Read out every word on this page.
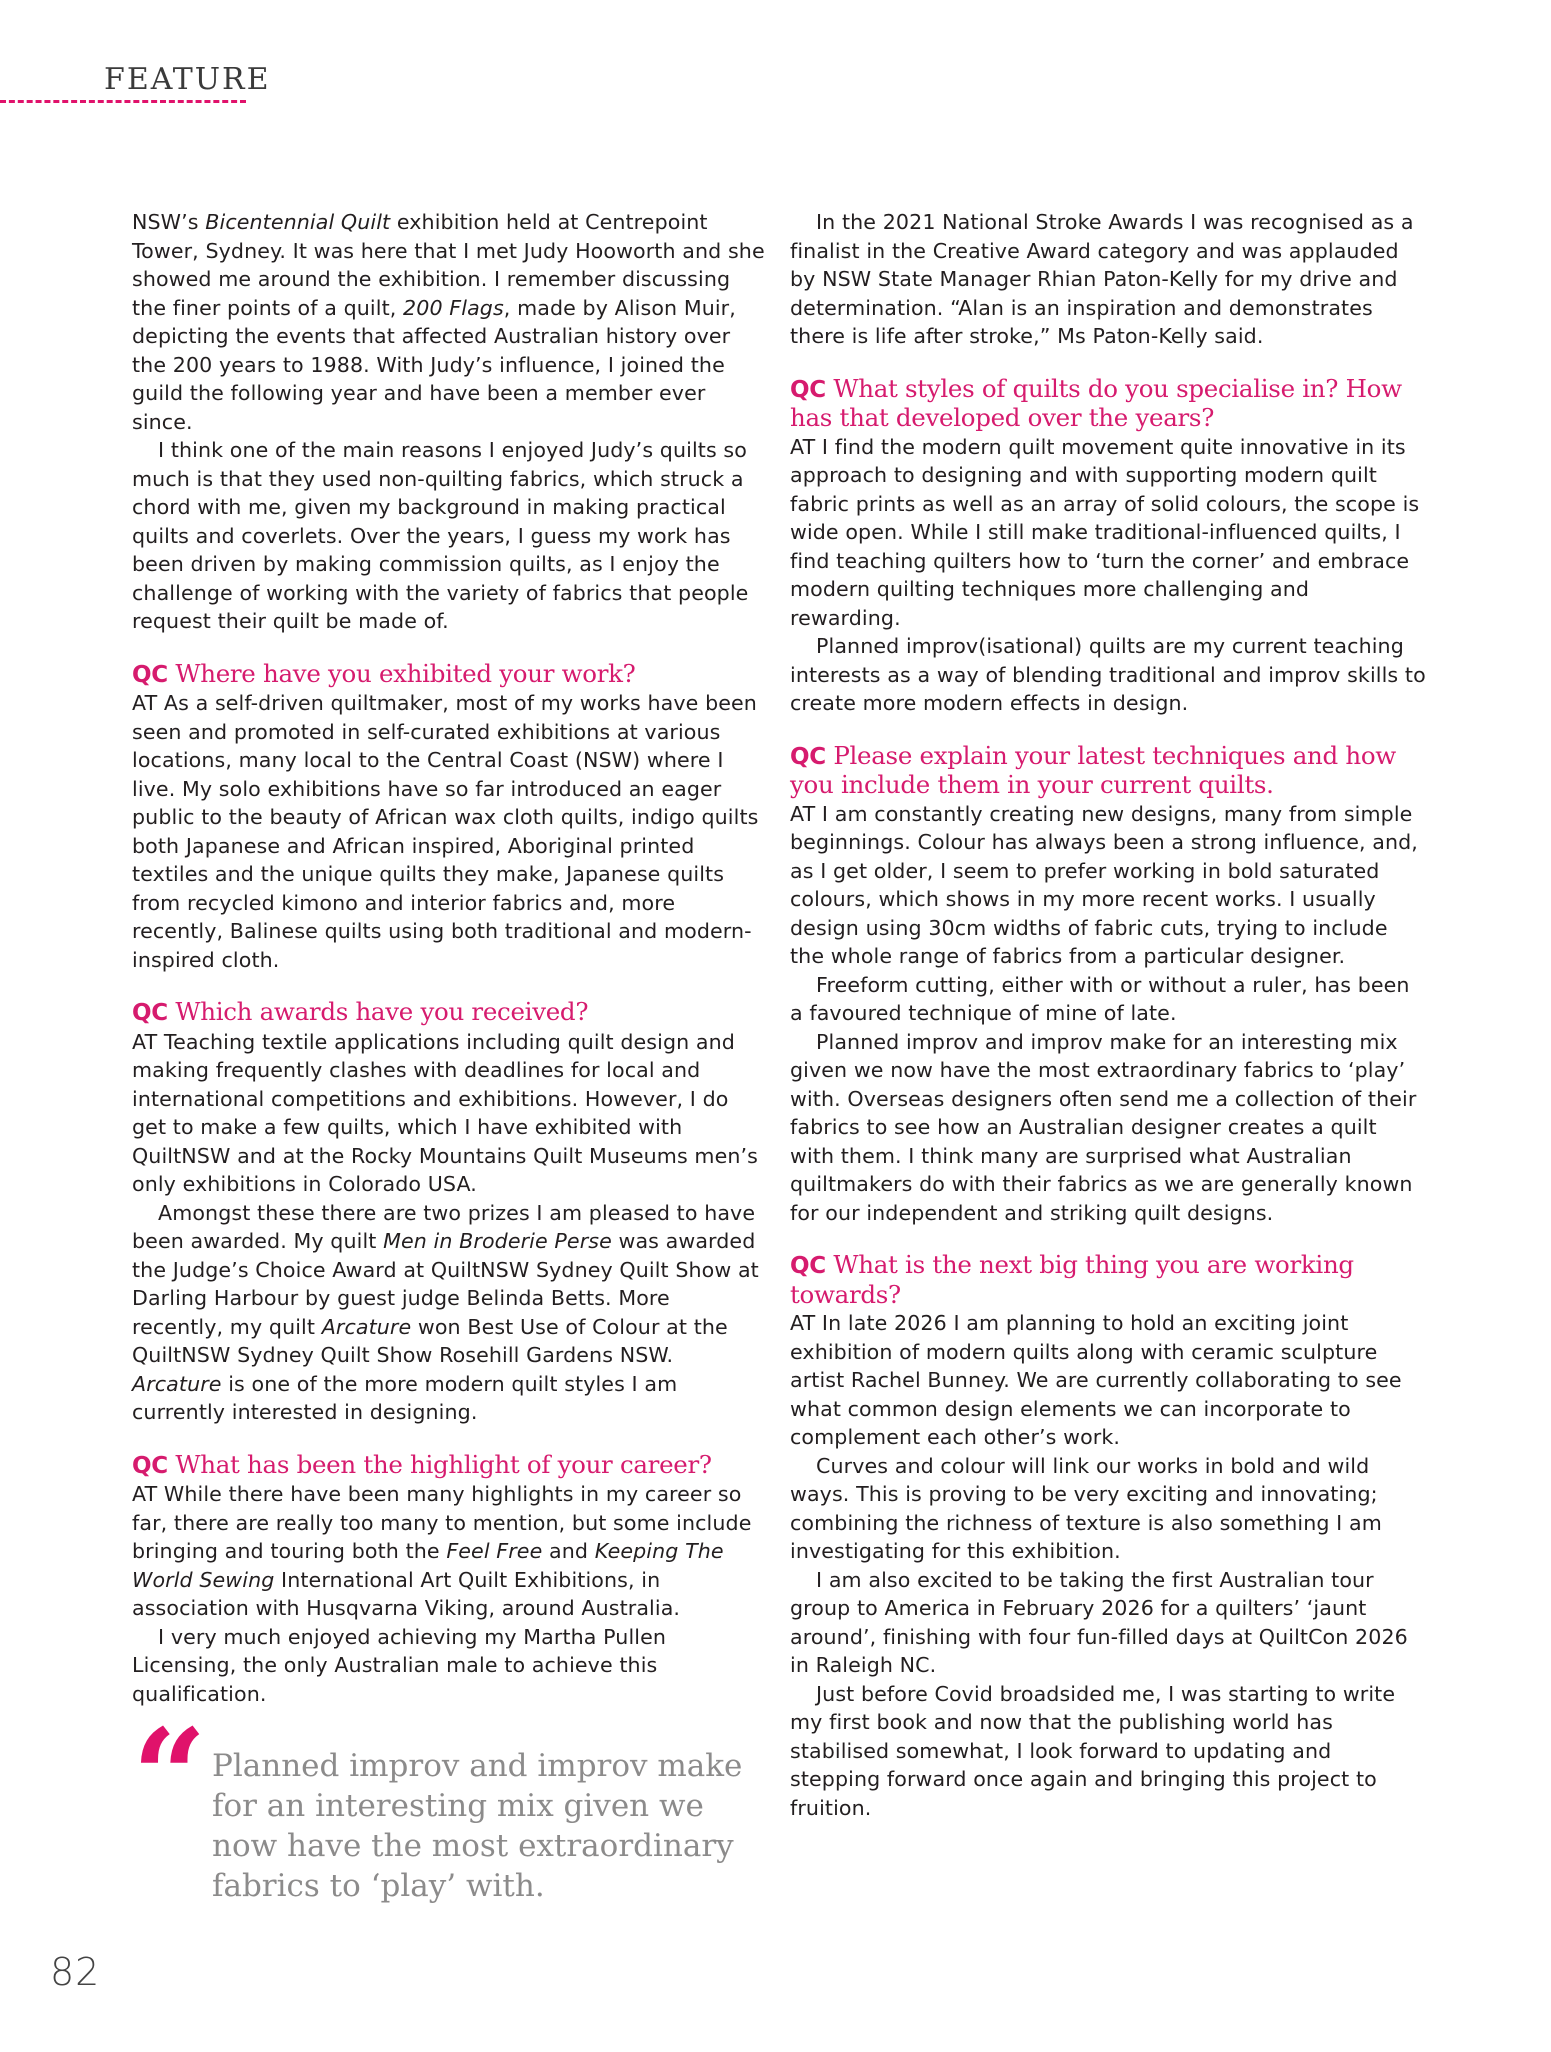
FEATURE

NSW’s Bicentennial Quilt exhibition held at Centrepoint Tower, Sydney. It was here that I met Judy Hooworth and she showed me around the exhibition. I remember discussing the finer points of a quilt, 200 Flags, made by Alison Muir, depicting the events that affected Australian history over the 200 years to 1988. With Judy’s influence, I joined the guild the following year and have been a member ever since.

I think one of the main reasons I enjoyed Judy’s quilts so much is that they used non-quilting fabrics, which struck a chord with me, given my background in making practical quilts and coverlets. Over the years, I guess my work has been driven by making commission quilts, as I enjoy the challenge of working with the variety of fabrics that people request their quilt be made of.

QC Where have you exhibited your work?

AT As a self-driven quiltmaker, most of my works have been seen and promoted in self-curated exhibitions at various locations, many local to the Central Coast (NSW) where I live. My solo exhibitions have so far introduced an eager public to the beauty of African wax cloth quilts, indigo quilts both Japanese and African inspired, Aboriginal printed textiles and the unique quilts they make, Japanese quilts from recycled kimono and interior fabrics and, more recently, Balinese quilts using both traditional and modern-inspired cloth.

QC Which awards have you received?

AT Teaching textile applications including quilt design and making frequently clashes with deadlines for local and international competitions and exhibitions. However, I do get to make a few quilts, which I have exhibited with QuiltNSW and at the Rocky Mountains Quilt Museums men’s only exhibitions in Colorado USA.

Amongst these there are two prizes I am pleased to have been awarded. My quilt Men in Broderie Perse was awarded the Judge’s Choice Award at QuiltNSW Sydney Quilt Show at Darling Harbour by guest judge Belinda Betts. More recently, my quilt Arcature won Best Use of Colour at the QuiltNSW Sydney Quilt Show Rosehill Gardens NSW. Arcature is one of the more modern quilt styles I am currently interested in designing.

QC What has been the highlight of your career?

AT While there have been many highlights in my career so far, there are really too many to mention, but some include bringing and touring both the Feel Free and Keeping The World Sewing International Art Quilt Exhibitions, in association with Husqvarna Viking, around Australia.

I very much enjoyed achieving my Martha Pullen Licensing, the only Australian male to achieve this qualification.

“ Planned improv and improv make for an interesting mix given we now have the most extraordinary fabrics to ‘play’ with.

In the 2021 National Stroke Awards I was recognised as a finalist in the Creative Award category and was applauded by NSW State Manager Rhian Paton-Kelly for my drive and determination. “Alan is an inspiration and demonstrates there is life after stroke,” Ms Paton-Kelly said.

QC What styles of quilts do you specialise in? How has that developed over the years?

AT I find the modern quilt movement quite innovative in its approach to designing and with supporting modern quilt fabric prints as well as an array of solid colours, the scope is wide open. While I still make traditional-influenced quilts, I find teaching quilters how to ‘turn the corner’ and embrace modern quilting techniques more challenging and rewarding.

Planned improv(isational) quilts are my current teaching interests as a way of blending traditional and improv skills to create more modern effects in design.

QC Please explain your latest techniques and how you include them in your current quilts.

AT I am constantly creating new designs, many from simple beginnings. Colour has always been a strong influence, and, as I get older, I seem to prefer working in bold saturated colours, which shows in my more recent works. I usually design using 30cm widths of fabric cuts, trying to include the whole range of fabrics from a particular designer.

Freeform cutting, either with or without a ruler, has been a favoured technique of mine of late.

Planned improv and improv make for an interesting mix given we now have the most extraordinary fabrics to ‘play’ with. Overseas designers often send me a collection of their fabrics to see how an Australian designer creates a quilt with them. I think many are surprised what Australian quiltmakers do with their fabrics as we are generally known for our independent and striking quilt designs.

QC What is the next big thing you are working towards?

AT In late 2026 I am planning to hold an exciting joint exhibition of modern quilts along with ceramic sculpture artist Rachel Bunney. We are currently collaborating to see what common design elements we can incorporate to complement each other’s work.

Curves and colour will link our works in bold and wild ways. This is proving to be very exciting and innovating; combining the richness of texture is also something I am investigating for this exhibition.

I am also excited to be taking the first Australian tour group to America in February 2026 for a quilters’ ‘jaunt around’, finishing with four fun-filled days at QuiltCon 2026 in Raleigh NC.

Just before Covid broadsided me, I was starting to write my first book and now that the publishing world has stabilised somewhat, I look forward to updating and stepping forward once again and bringing this project to fruition.

82
